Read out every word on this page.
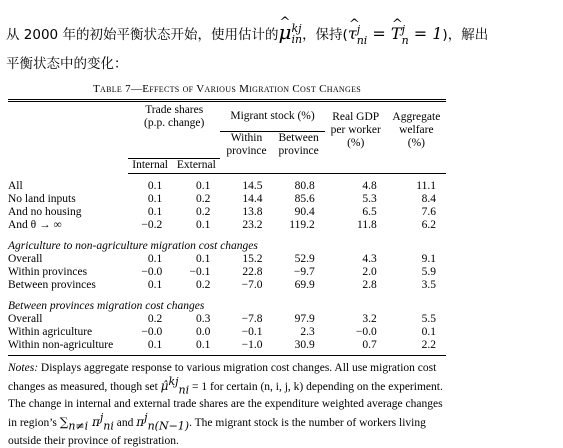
从 2000 年的初始平衡状态开始，使用估计的^ μ kj
in ，保持(^ τ j
ni = ^ T j
n = 1)，解出
平衡状态中的变化：
Table 7—Effects of Various Migration Cost Changes
	Trade shares
(p.p. change)		Migrant stock (%)		Real GDP
per worker
(%)	Aggregate
welfare
(%)
			Within
province	Between
province		
	Internal	External					

All	0.1	0.1		14.5	80.8	4.8	11.1
No land inputs	0.1	0.2		14.4	85.6	5.3	8.4
And no housing	0.1	0.2		13.8	90.4	6.5	7.6
And θ → ∞	−0.2	0.1		23.2	119.2	11.8	6.2
Agriculture to non-agriculture migration cost changes						
Overall	0.1	0.1		15.2	52.9	4.3	9.1
Within provinces	−0.0	−0.1		22.8	−9.7	2.0	5.9
Between provinces	0.1	0.2		−7.0	69.9	2.8	3.5
Between provinces migration cost changes						
Overall	0.2	0.3		−7.8	97.9	3.2	5.5
Within agriculture	−0.0	0.0		−0.1	2.3	−0.0	0.1
Within non-agriculture	0.1	0.1		−1.0	30.9	0.7	2.2
Notes: Displays aggregate response to various migration cost changes. All use migration cost changes as measured, though set μ̂$^{kj}_{ni}$ = 1 for certain (n, i, j, k) depending on the experiment. The change in internal and external trade shares are the expenditure weighted average changes in region’s $\sum_{n\ne i}$ $\pi^j_{ni}$ and $\pi^j_{n(N-1)}$. The migrant stock is the number of workers living outside their province of registration.
